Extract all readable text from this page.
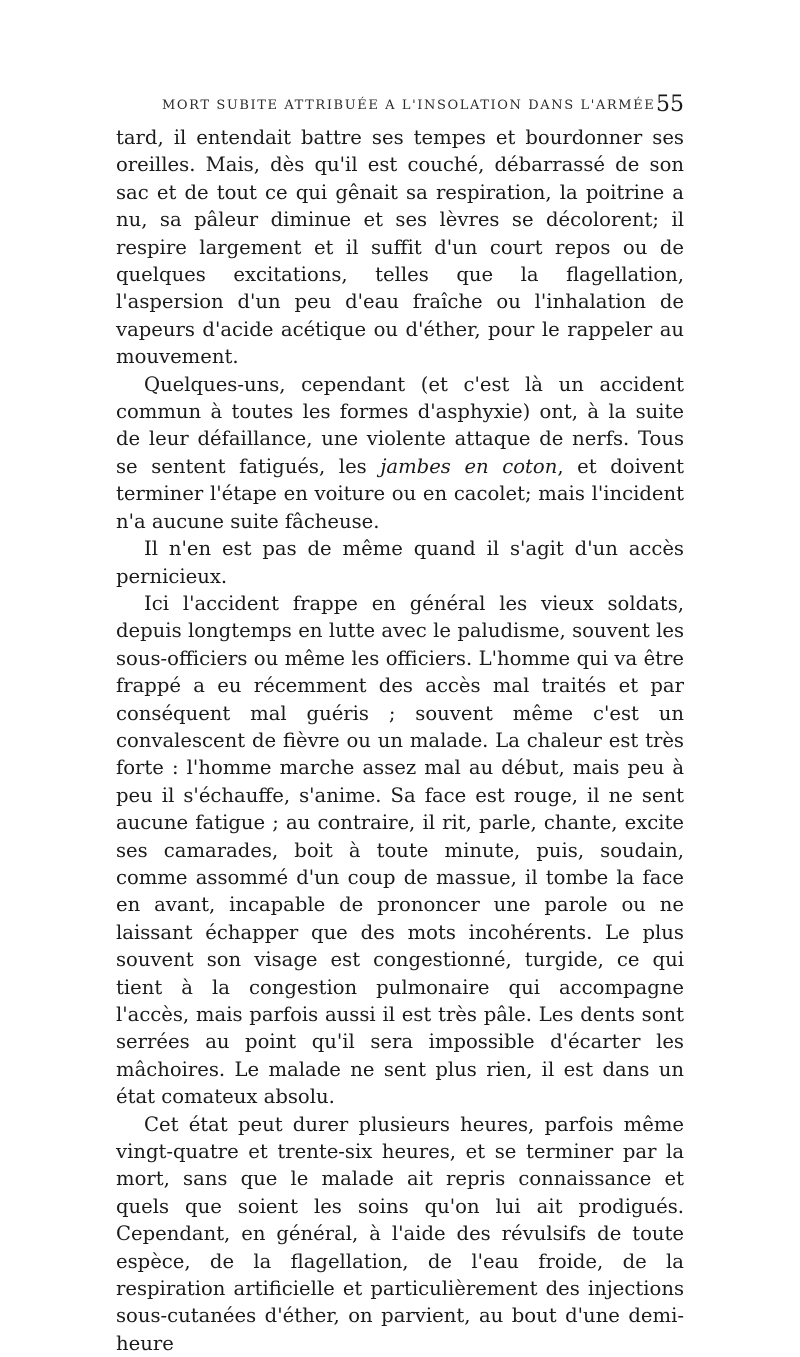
MORT SUBITE ATTRIBUÉE A L'INSOLATION DANS L'ARMÉE 55

tard, il entendait battre ses tempes et bourdonner ses oreilles. Mais, dès qu'il est couché, débarrassé de son sac et de tout ce qui gênait sa respiration, la poitrine a nu, sa pâleur diminue et ses lèvres se décolorent; il respire largement et il suffit d'un court repos ou de quelques excitations, telles que la flagellation, l'aspersion d'un peu d'eau fraîche ou l'inhalation de vapeurs d'acide acétique ou d'éther, pour le rappeler au mouvement.

Quelques-uns, cependant (et c'est là un accident commun à toutes les formes d'asphyxie) ont, à la suite de leur défaillance, une violente attaque de nerfs. Tous se sentent fatigués, les jambes en coton, et doivent terminer l'étape en voiture ou en cacolet; mais l'incident n'a aucune suite fâcheuse.

Il n'en est pas de même quand il s'agit d'un accès pernicieux.

Ici l'accident frappe en général les vieux soldats, depuis longtemps en lutte avec le paludisme, souvent les sous-officiers ou même les officiers. L'homme qui va être frappé a eu récemment des accès mal traités et par conséquent mal guéris ; souvent même c'est un convalescent de fièvre ou un malade. La chaleur est très forte : l'homme marche assez mal au début, mais peu à peu il s'échauffe, s'anime. Sa face est rouge, il ne sent aucune fatigue ; au contraire, il rit, parle, chante, excite ses camarades, boit à toute minute, puis, soudain, comme assommé d'un coup de massue, il tombe la face en avant, incapable de prononcer une parole ou ne laissant échapper que des mots incohérents. Le plus souvent son visage est congestionné, turgide, ce qui tient à la congestion pulmonaire qui accompagne l'accès, mais parfois aussi il est très pâle. Les dents sont serrées au point qu'il sera impossible d'écarter les mâchoires. Le malade ne sent plus rien, il est dans un état comateux absolu.

Cet état peut durer plusieurs heures, parfois même vingt-quatre et trente-six heures, et se terminer par la mort, sans que le malade ait repris connaissance et quels que soient les soins qu'on lui ait prodigués. Cependant, en général, à l'aide des révulsifs de toute espèce, de la flagellation, de l'eau froide, de la respiration artificielle et particulièrement des injections sous-cutanées d'éther, on parvient, au bout d'une demi-heure
